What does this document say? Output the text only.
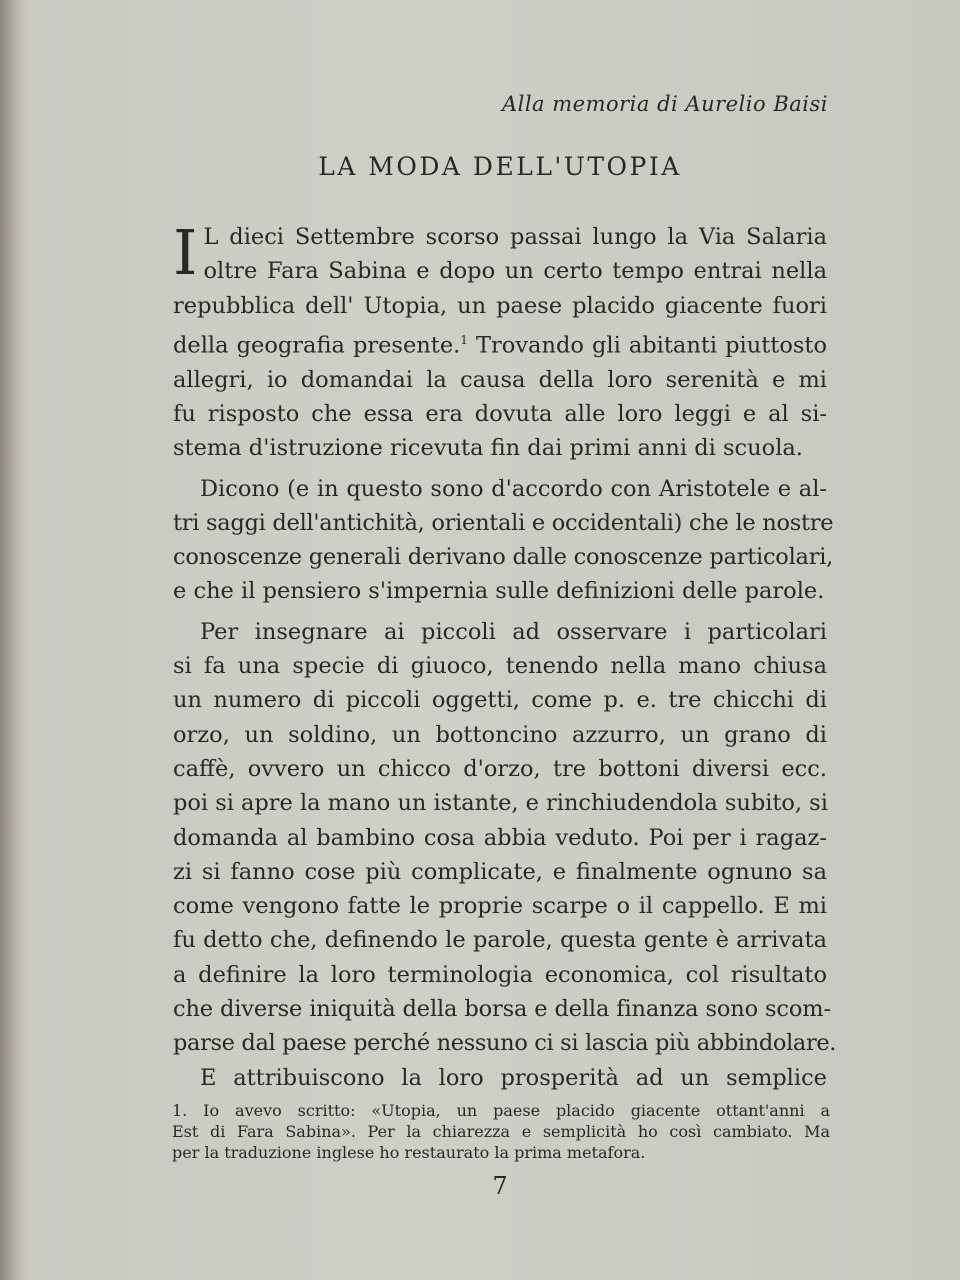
Alla memoria di Aurelio Baisi
LA MODA DELL'UTOPIA
I L dieci Settembre scorso passai lungo la Via Salaria
oltre Fara Sabina e dopo un certo tempo entrai nella
repubblica dell' Utopia, un paese placido giacente fuori
della geografia presente.$^1$ Trovando gli abitanti piuttosto
allegri, io domandai la causa della loro serenità e mi
fu risposto che essa era dovuta alle loro leggi e al si-
stema d'istruzione ricevuta fin dai primi anni di scuola.
Dicono (e in questo sono d'accordo con Aristotele e al-
tri saggi dell'antichità, orientali e occidentali) che le nostre
conoscenze generali derivano dalle conoscenze particolari,
e che il pensiero s'impernia sulle definizioni delle parole.
Per insegnare ai piccoli ad osservare i particolari
si fa una specie di giuoco, tenendo nella mano chiusa
un numero di piccoli oggetti, come p. e. tre chicchi di
orzo, un soldino, un bottoncino azzurro, un grano di
caffè, ovvero un chicco d'orzo, tre bottoni diversi ecc.
poi si apre la mano un istante, e rinchiudendola subito, si
domanda al bambino cosa abbia veduto. Poi per i ragaz-
zi si fanno cose più complicate, e finalmente ognuno sa
come vengono fatte le proprie scarpe o il cappello. E mi
fu detto che, definendo le parole, questa gente è arrivata
a definire la loro terminologia economica, col risultato
che diverse iniquità della borsa e della finanza sono scom-
parse dal paese perché nessuno ci si lascia più abbindolare.
E attribuiscono la loro prosperità ad un semplice
1. Io avevo scritto: «Utopia, un paese placido giacente ottant'anni a
Est di Fara Sabina». Per la chiarezza e semplicità ho così cambiato. Ma
per la traduzione inglese ho restaurato la prima metafora.
7
